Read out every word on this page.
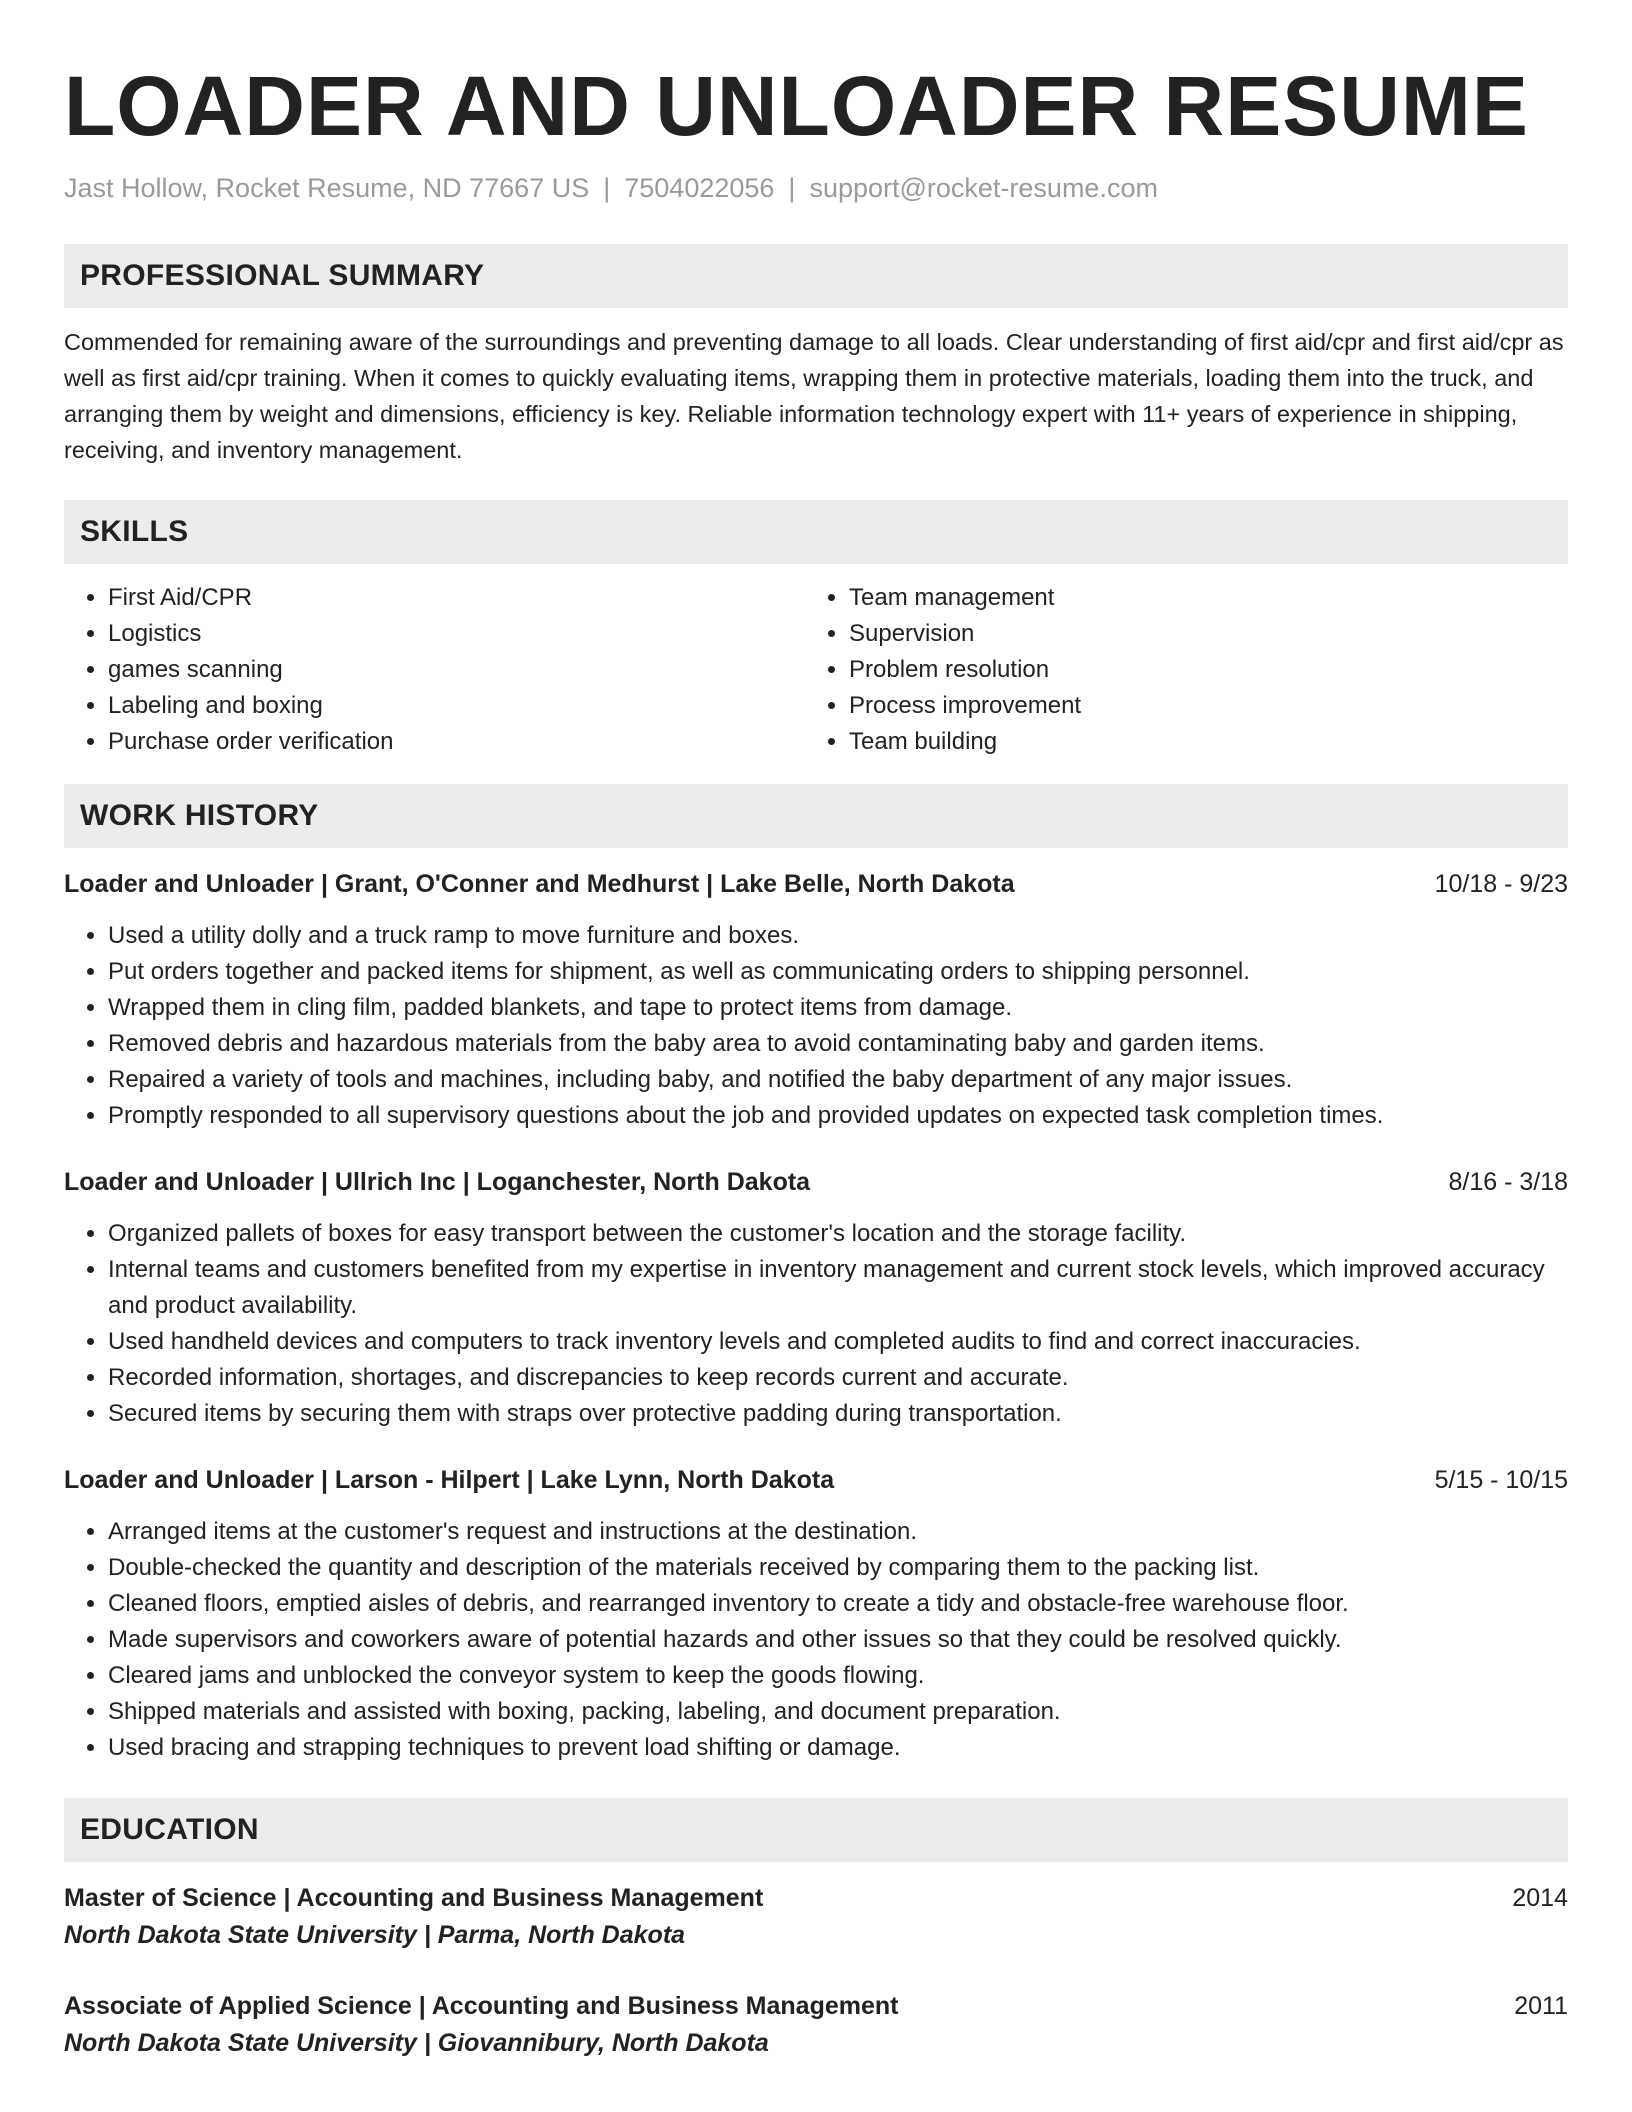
LOADER AND UNLOADER RESUME
Jast Hollow, Rocket Resume, ND 77667 US | 7504022056 | support@rocket-resume.com
PROFESSIONAL SUMMARY

Commended for remaining aware of the surroundings and preventing damage to all loads. Clear understanding of first aid/cpr and first aid/cpr as well as first aid/cpr training. When it comes to quickly evaluating items, wrapping them in protective materials, loading them into the truck, and arranging them by weight and dimensions, efficiency is key. Reliable information technology expert with 11+ years of experience in shipping, receiving, and inventory management.

SKILLS
• First Aid/CPR
• Logistics
• games scanning
• Labeling and boxing
• Purchase order verification
• Team management
• Supervision
• Problem resolution
• Process improvement
• Team building
WORK HISTORY
Loader and Unloader | Grant, O'Conner and Medhurst | Lake Belle, North Dakota	10/18 - 9/23
• Used a utility dolly and a truck ramp to move furniture and boxes.
• Put orders together and packed items for shipment, as well as communicating orders to shipping personnel.
• Wrapped them in cling film, padded blankets, and tape to protect items from damage.
• Removed debris and hazardous materials from the baby area to avoid contaminating baby and garden items.
• Repaired a variety of tools and machines, including baby, and notified the baby department of any major issues.
• Promptly responded to all supervisory questions about the job and provided updates on expected task completion times.
Loader and Unloader | Ullrich Inc | Loganchester, North Dakota	8/16 - 3/18
• Organized pallets of boxes for easy transport between the customer's location and the storage facility.
• Internal teams and customers benefited from my expertise in inventory management and current stock levels, which improved accuracy and product availability.
• Used handheld devices and computers to track inventory levels and completed audits to find and correct inaccuracies.
• Recorded information, shortages, and discrepancies to keep records current and accurate.
• Secured items by securing them with straps over protective padding during transportation.
Loader and Unloader | Larson - Hilpert | Lake Lynn, North Dakota	5/15 - 10/15
• Arranged items at the customer's request and instructions at the destination.
• Double-checked the quantity and description of the materials received by comparing them to the packing list.
• Cleaned floors, emptied aisles of debris, and rearranged inventory to create a tidy and obstacle-free warehouse floor.
• Made supervisors and coworkers aware of potential hazards and other issues so that they could be resolved quickly.
• Cleared jams and unblocked the conveyor system to keep the goods flowing.
• Shipped materials and assisted with boxing, packing, labeling, and document preparation.
• Used bracing and strapping techniques to prevent load shifting or damage.
EDUCATION
Master of Science | Accounting and Business Management	2014
North Dakota State University | Parma, North Dakota
Associate of Applied Science | Accounting and Business Management	2011
North Dakota State University | Giovannibury, North Dakota
